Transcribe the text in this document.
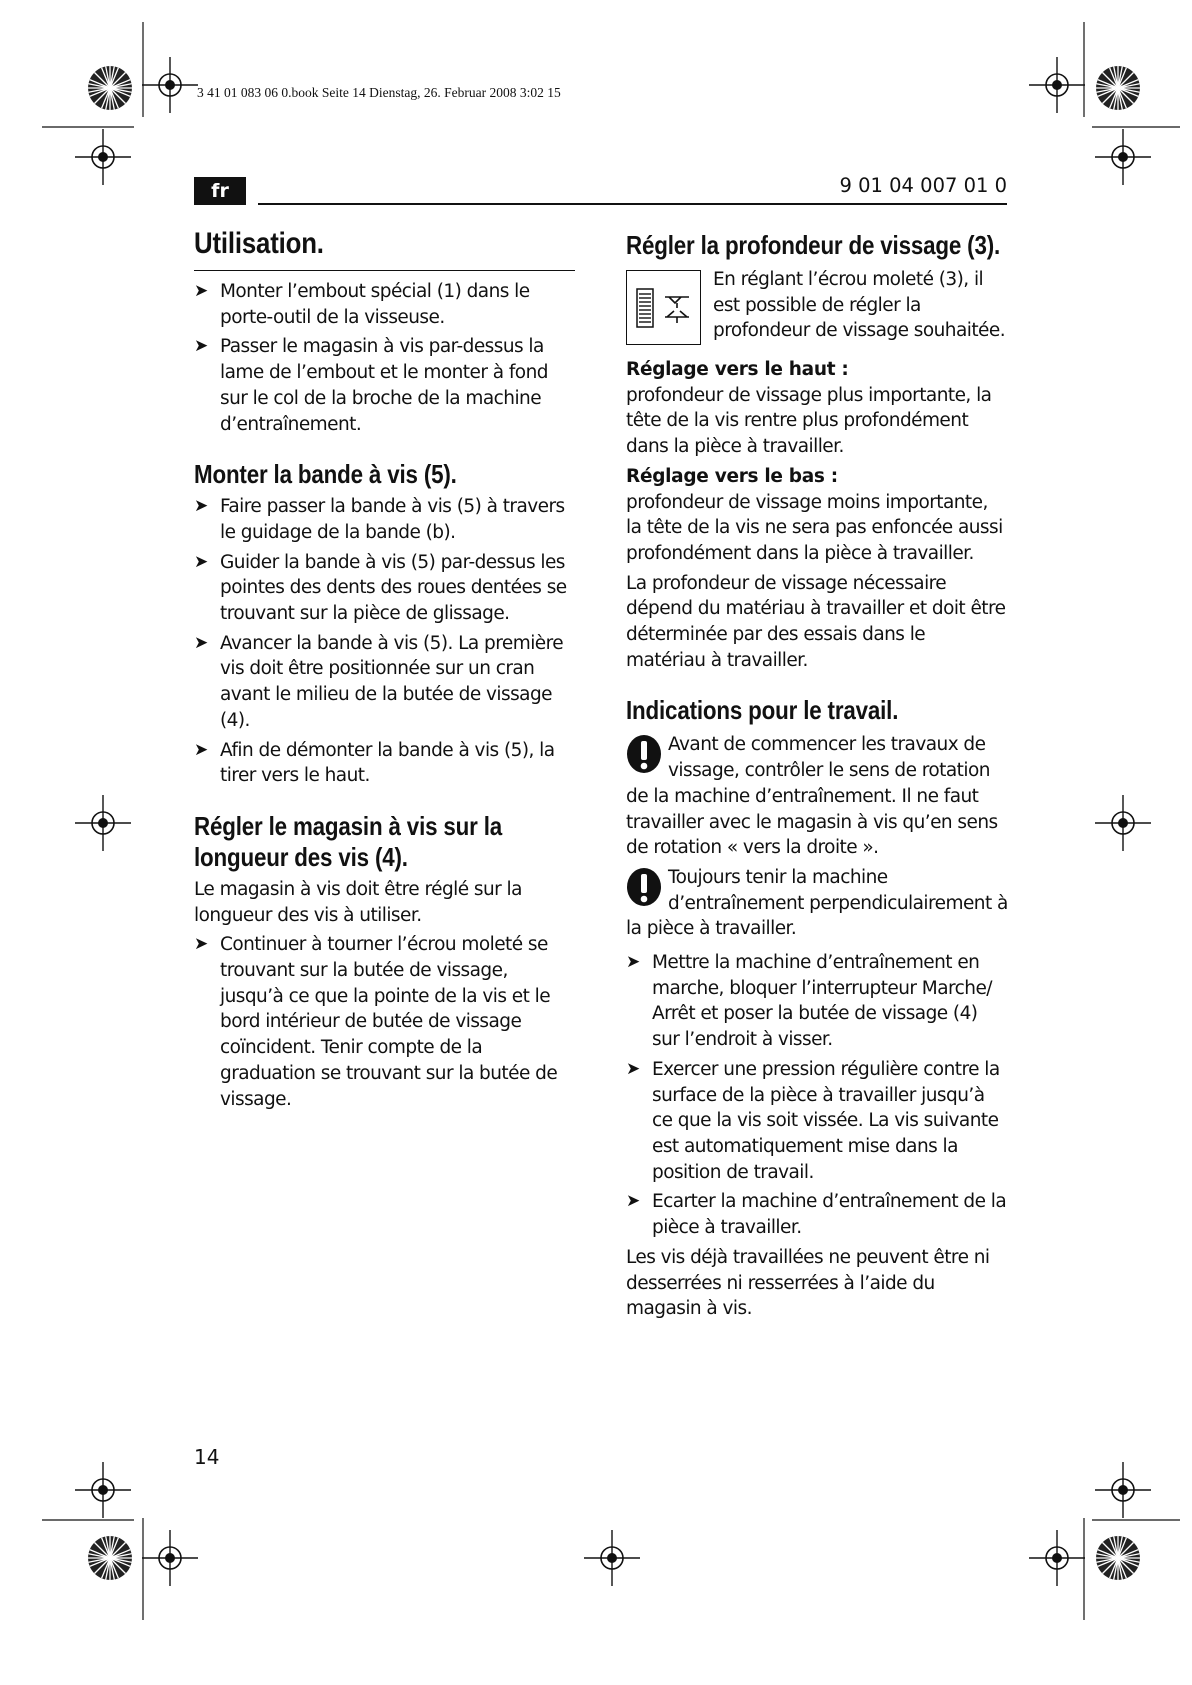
3 41 01 083 06 0.book Seite 14 Dienstag, 26. Februar 2008 3:02 15
fr	9 01 04 007 01 0
Utilisation.
➤ Monter l’embout spécial (1) dans le porte-outil de la visseuse.
➤ Passer le magasin à vis par-dessus la lame de l’embout et le monter à fond sur le col de la broche de la machine d’entraînement.
Monter la bande à vis (5).
➤ Faire passer la bande à vis (5) à travers le guidage de la bande (b).
➤ Guider la bande à vis (5) par-dessus les pointes des dents des roues dentées se trouvant sur la pièce de glissage.
➤ Avancer la bande à vis (5). La première vis doit être positionnée sur un cran avant le milieu de la butée de vissage (4).
➤ Afin de démonter la bande à vis (5), la tirer vers le haut.
Régler le magasin à vis sur la
longueur des vis (4).

Le magasin à vis doit être réglé sur la longueur des vis à utiliser.

➤ Continuer à tourner l’écrou moleté se trouvant sur la butée de vissage, jusqu’à ce que la pointe de la vis et le bord intérieur de butée de vissage coïncident. Tenir compte de la graduation se trouvant sur la butée de vissage.
Régler la profondeur de vissage (3).

En réglant l’écrou moleté (3), il est possible de régler la profondeur de vissage souhaitée.

Réglage vers le haut :

profondeur de vissage plus importante, la tête de la vis rentre plus profondément dans la pièce à travailler.

Réglage vers le bas :

profondeur de vissage moins importante, la tête de la vis ne sera pas enfoncée aussi profondément dans la pièce à travailler.

La profondeur de vissage nécessaire dépend du matériau à travailler et doit être déterminée par des essais dans le matériau à travailler.

Indications pour le travail.

Avant de commencer les travaux de vissage, contrôler le sens de rotation de la machine d’entraînement. Il ne faut travailler avec le magasin à vis qu’en sens de rotation « vers la droite ».

Toujours tenir la machine d’entraînement perpendiculairement à la pièce à travailler.

➤ Mettre la machine d’entraînement en marche, bloquer l’interrupteur Marche/ Arrêt et poser la butée de vissage (4) sur l’endroit à visser.
➤ Exercer une pression régulière contre la surface de la pièce à travailler jusqu’à ce que la vis soit vissée. La vis suivante est automatiquement mise dans la position de travail.
➤ Ecarter la machine d’entraînement de la pièce à travailler.

Les vis déjà travaillées ne peuvent être ni desserrées ni resserrées à l’aide du magasin à vis.

14
